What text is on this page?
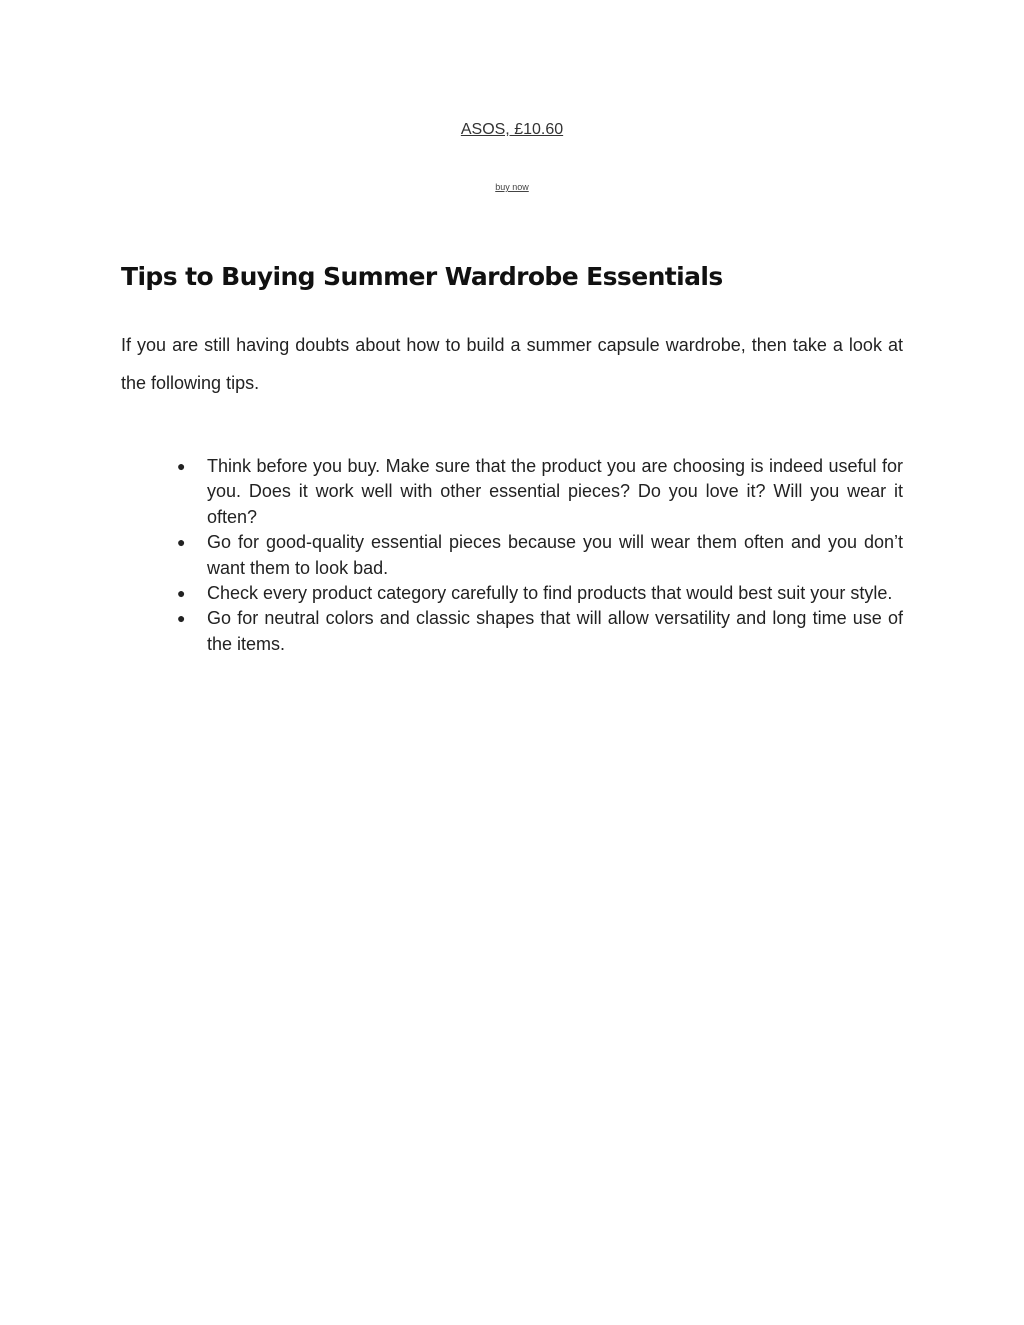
ASOS, £10.60
buy now
Tips to Buying Summer Wardrobe Essentials

If you are still having doubts about how to build a summer capsule wardrobe, then take a look at the following tips.

● Think before you buy. Make sure that the product you are choosing is indeed useful for you. Does it work well with other essential pieces? Do you love it? Will you wear it often?
● Go for good-quality essential pieces because you will wear them often and you don’t want them to look bad.
● Check every product category carefully to find products that would best suit your style.
● Go for neutral colors and classic shapes that will allow versatility and long time use of the items.
